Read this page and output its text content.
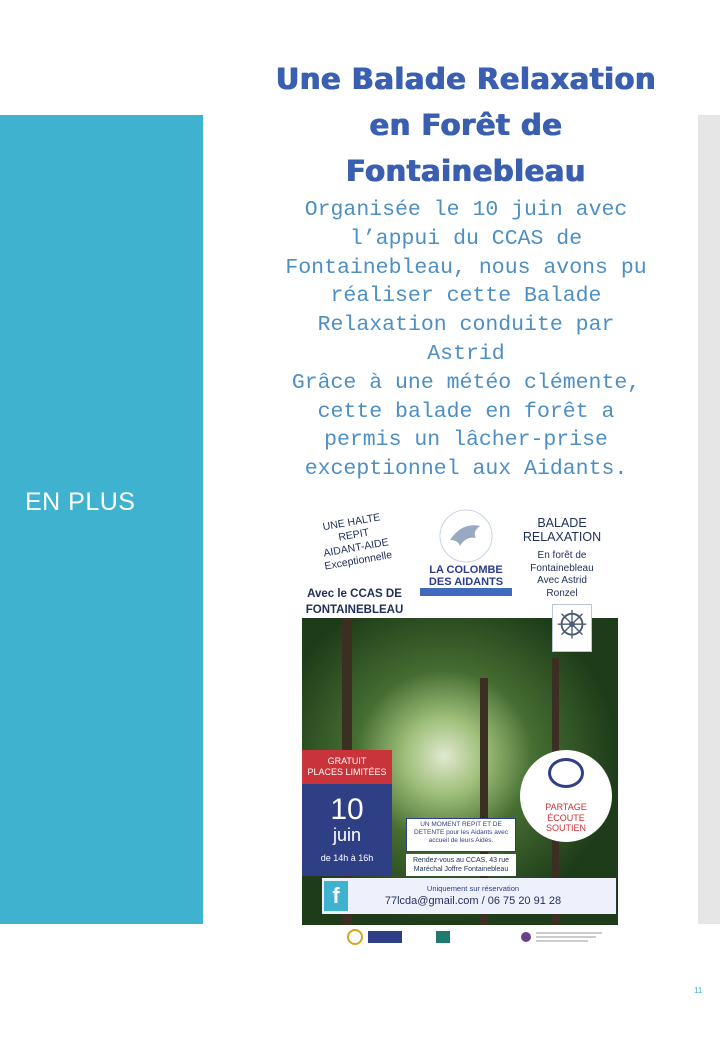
EN PLUS
Une Balade Relaxation
en Forêt de
Fontainebleau
Organisée le 10 juin avec
l’appui du CCAS de
Fontainebleau, nous avons pu
réaliser cette Balade
Relaxation conduite par
Astrid
Grâce à une météo clémente,
cette balade en forêt a
permis un lâcher-prise
exceptionnel aux Aidants.
UNE HALTE REPIT
AIDANT-AIDE
Exceptionnelle	LA COLOMBE
DES AIDANTS
BALADE
RELAXATION
En forêt de
Fontainebleau
Avec Astrid
Ronzel
Avec le CCAS DE
FONTAINEBLEAU
GRATUIT
PLACES LIMITÉES
10
juin
de 14h à 16h
PARTAGE
ÉCOUTE
SOUTIEN
UN MOMENT REPIT ET DE
DETENTE pour les Aidants avec
accueil de leurs Aidés.
Rendez-vous au CCAS, 43 rue
Maréchal Joffre Fontainebleau
f	Uniquement sur réservation
77lcda@gmail.com / 06 75 20 91 28
11
